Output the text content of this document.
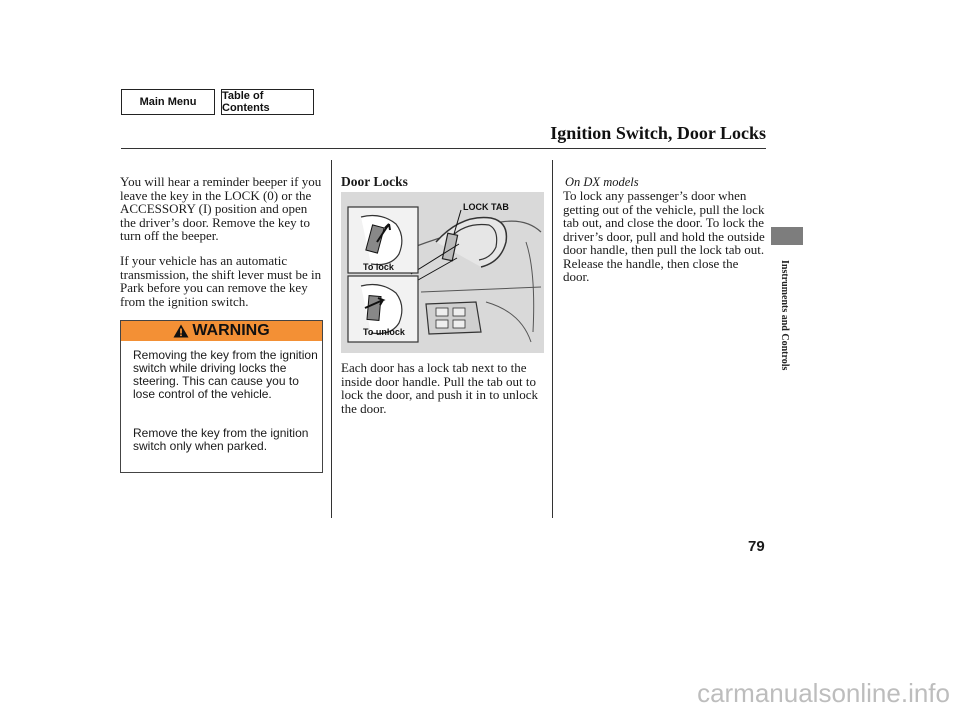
Main Menu	Table of Contents
Ignition Switch, Door Locks

You will hear a reminder beeper if you leave the key in the LOCK (0) or the ACCESSORY (I) position and open the driver’s door. Remove the key to turn off the beeper.

If your vehicle has an automatic transmission, the shift lever must be in Park before you can remove the key from the ignition switch.

WARNING

Removing the key from the ignition switch while driving locks the steering. This can cause you to lose control of the vehicle.

Remove the key from the ignition switch only when parked.

Door Locks
LOCK TAB
To lock
To unlock

Each door has a lock tab next to the inside door handle. Pull the tab out to lock the door, and push it in to unlock the door.

On DX models

To lock any passenger’s door when getting out of the vehicle, pull the lock tab out, and close the door. To lock the driver’s door, pull and hold the outside door handle, then pull the lock tab out. Release the handle, then close the door.	Instruments and Controls
79
carmanualsonline.info
